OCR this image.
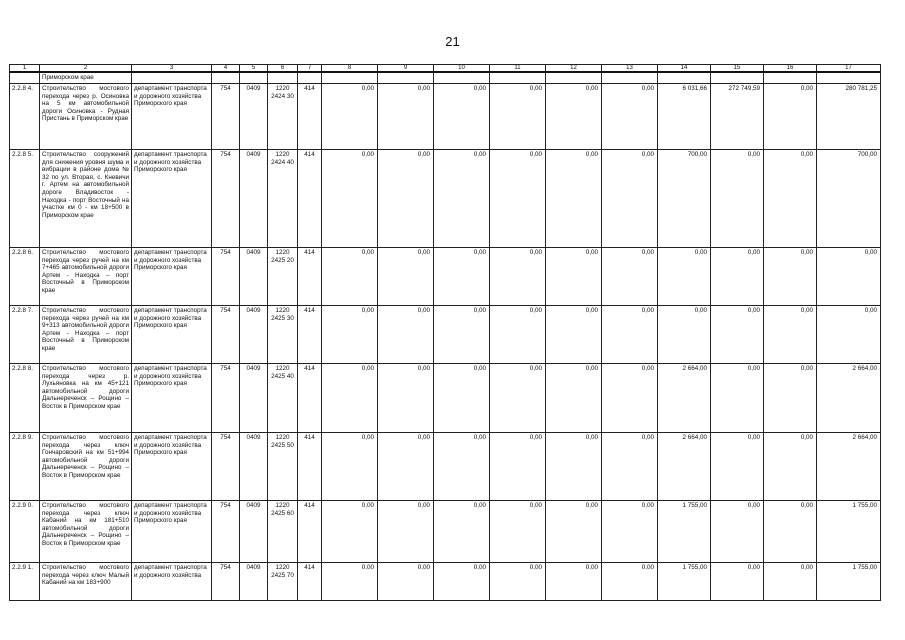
21
1	2	3	4	5	6	7	8	9	10	11	12	13	14	15	16	17
	Приморском крае															
2.2.8 4.	Строительство мостового перехода через р. Осиновка на 5 км автомобильной дороги Осиновка - Рудная Пристань в Приморском крае	департамент транспорта и дорожного хозяйства Приморского края	754	0409	1220 2424 30	414	0,00	0,00	0,00	0,00	0,00	0,00	6 031,66	272 749,59	0,00	280 781,25
2.2.8 5.	Строительство сооружений для снижения уровня шума и вибрации в районе дома № 32 по ул. Вторая, с. Кневичи г. Артем на автомобильной дороге Владивосток - Находка - порт Восточный на участке км 0 - км 18+500 в Приморском крае	департамент транспорта и дорожного хозяйства Приморского края	754	0409	1220 2424 40	414	0,00	0,00	0,00	0,00	0,00	0,00	700,00	0,00	0,00	700,00
2.2.8 6.	Строительство мостового перехода через ручей на км 7+465 автомобильной дороги Артем - Находка – порт Восточный в Приморском крае	департамент транспорта и дорожного хозяйства Приморского края	754	0409	1220 2425 20	414	0,00	0,00	0,00	0,00	0,00	0,00	0,00	0,00	0,00	0,00
2.2.8 7.	Строительство мостового перехода через ручей на км 9+313 автомобильной дороги Артем - Находка – порт Восточный в Приморском крае	департамент транспорта и дорожного хозяйства Приморского края	754	0409	1220 2425 30	414	0,00	0,00	0,00	0,00	0,00	0,00	0,00	0,00	0,00	0,00
2.2.8 8.	Строительство мостового перехода через р. Лухьяновка на км 45+121 автомобильной дороги Дальнереченск – Рощино – Восток в Приморском крае	департамент транспорта и дорожного хозяйства Приморского края	754	0409	1220 2425 40	414	0,00	0,00	0,00	0,00	0,00	0,00	2 664,00	0,00	0,00	2 664,00
2.2.8 9.	Строительство мостового перехода через ключ Гончаровский на км 51+994 автомобильной дороги Дальнереченск – Рощино – Восток в Приморском крае	департамент транспорта и дорожного хозяйства Приморского края	754	0409	1220 2425 50	414	0,00	0,00	0,00	0,00	0,00	0,00	2 664,00	0,00	0,00	2 664,00
2.2.9 0.	Строительство мостового перехода через ключ Кабаний на км 181+510 автомобильной дороги Дальнереченск – Рощино – Восток в Приморском крае	департамент транспорта и дорожного хозяйства Приморского края	754	0409	1220 2425 60	414	0,00	0,00	0,00	0,00	0,00	0,00	1 755,00	0,00	0,00	1 755,00
2.2.9 1.	Строительство мостового перехода через ключ Малый Кабаний на км 183+900	департамент транспорта и дорожного хозяйства	754	0409	1220 2425 70	414	0,00	0,00	0,00	0,00	0,00	0,00	1 755,00	0,00	0,00	1 755,00
